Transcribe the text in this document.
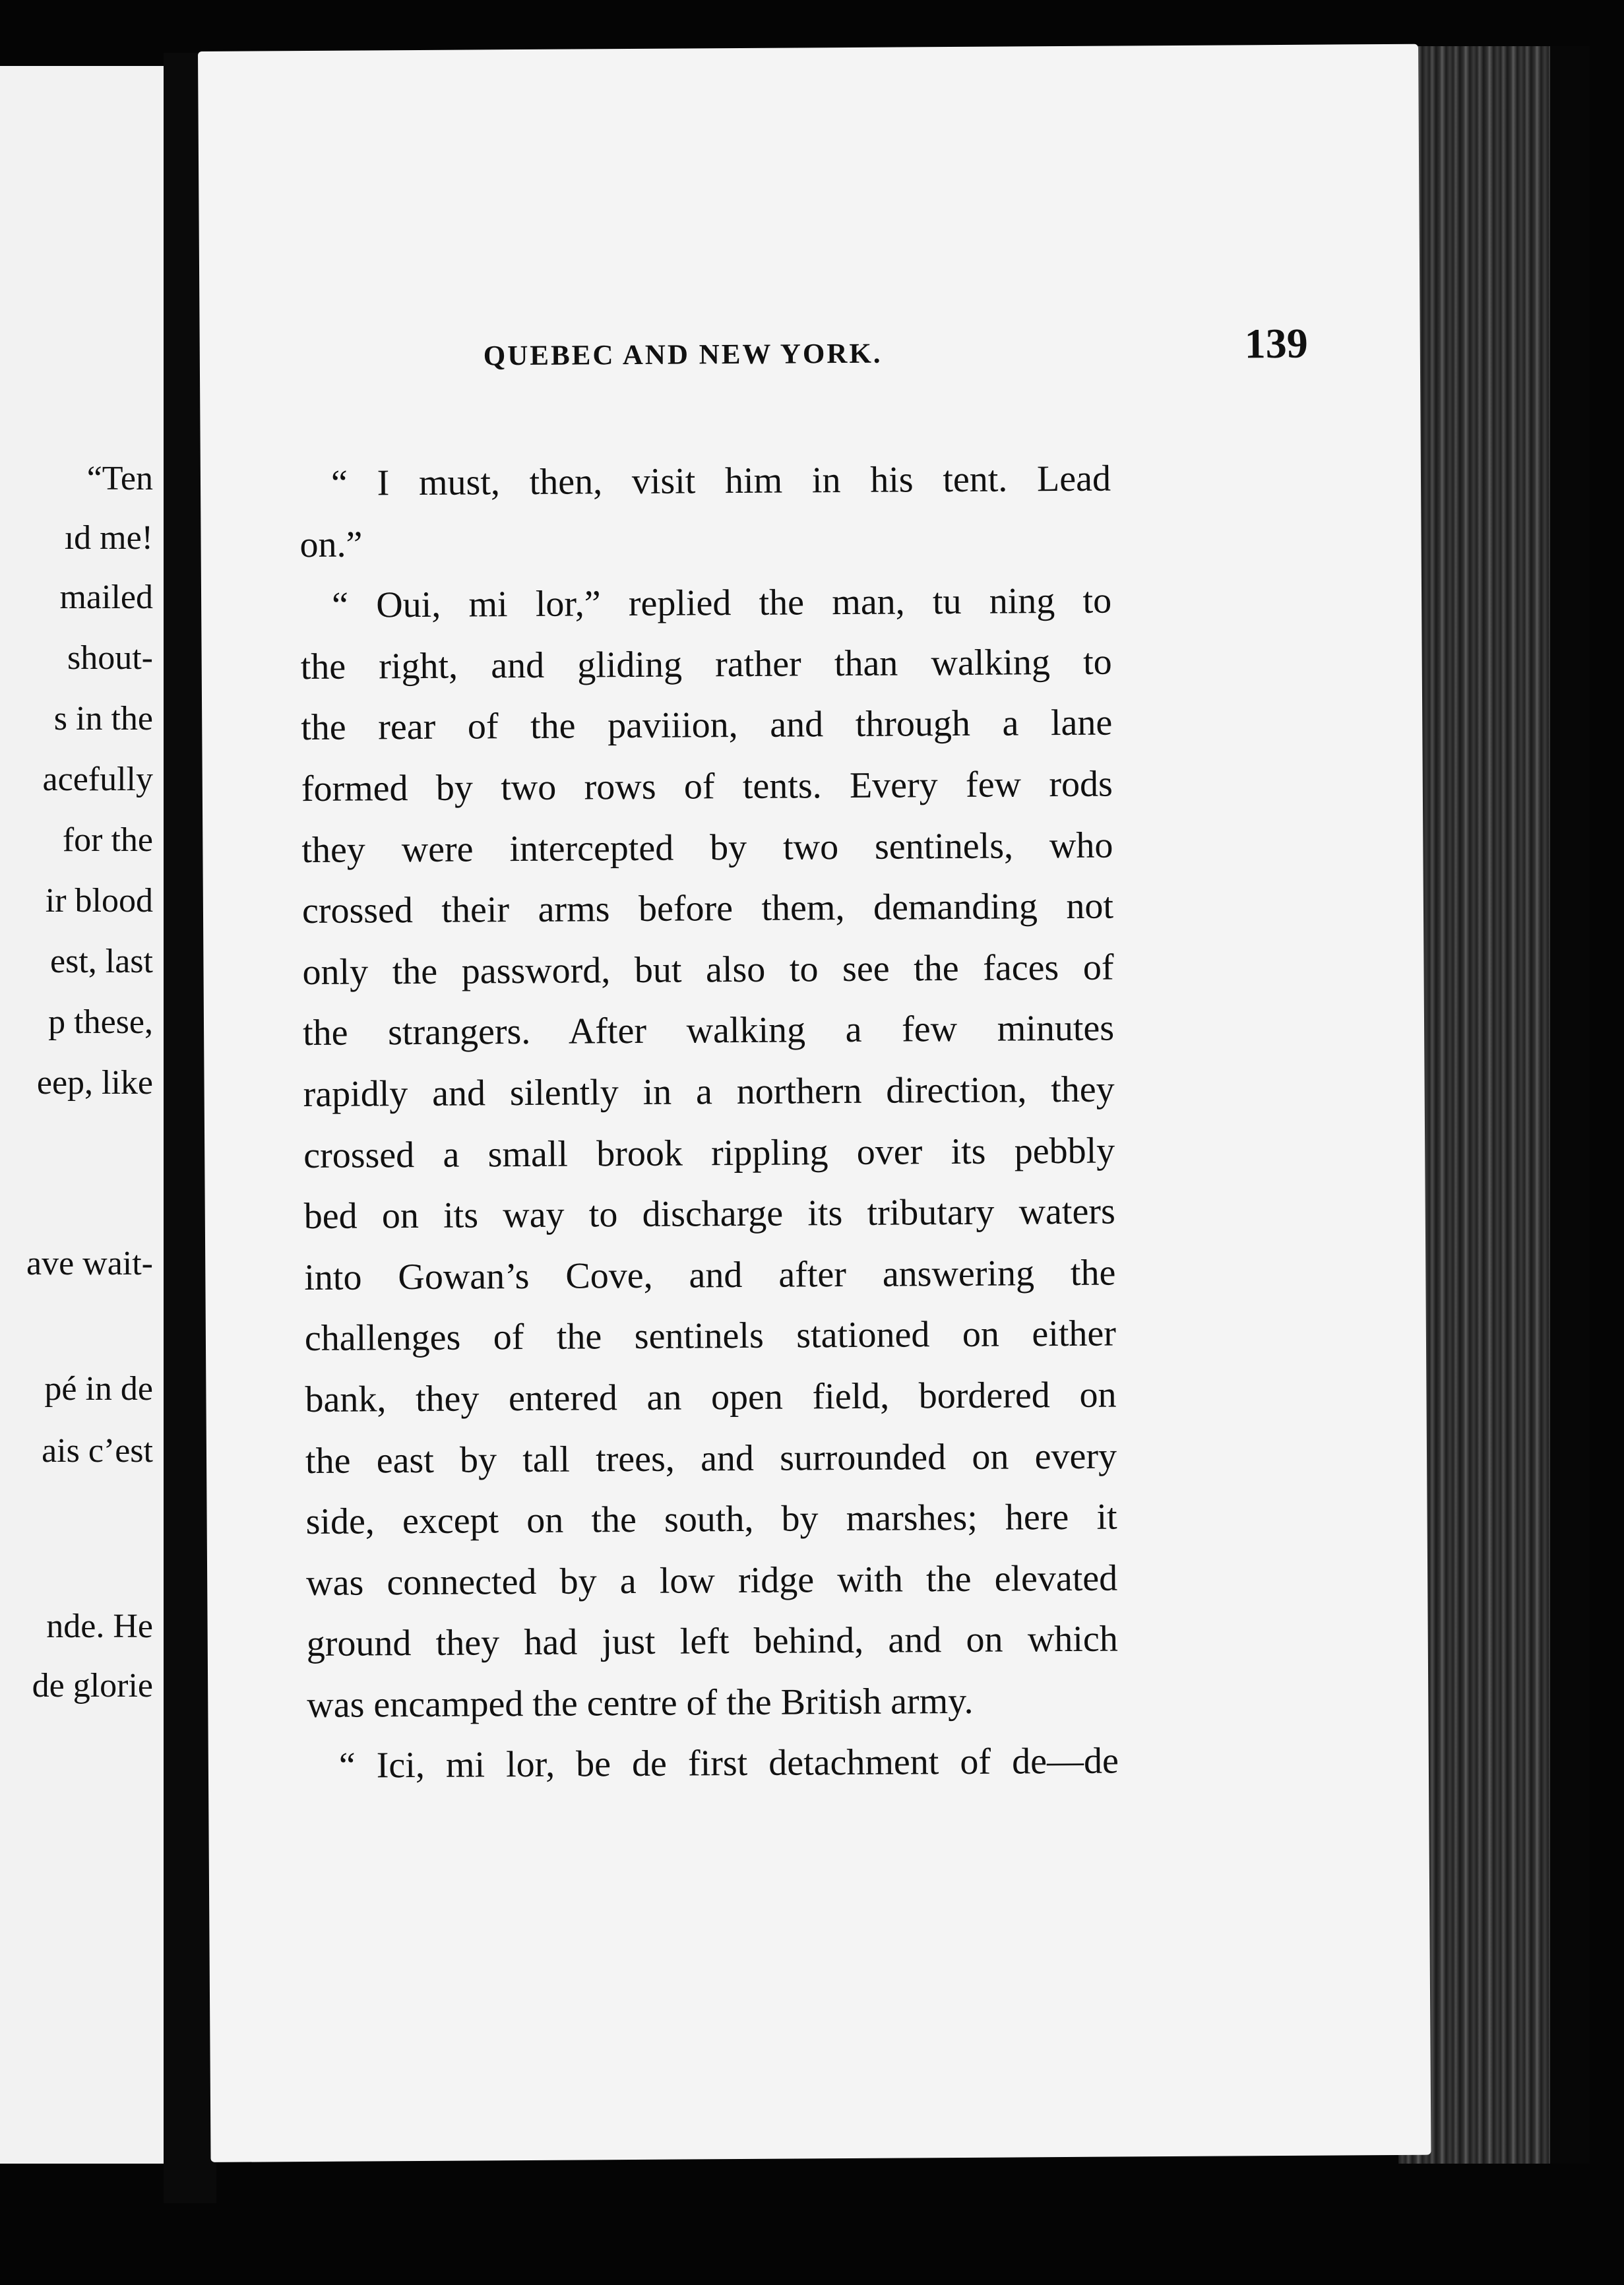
“Ten
ıd me!
mailed
shout-
s in the
acefully
for the
ir blood
est, last
p these,
eep, like
ave wait-
pé in de
ais c’est
nde. He
de glorie
QUEBEC AND NEW YORK.	139
“ I must, then, visit him in his tent. Lead
on.”
“ Oui, mi lor,” replied the man, tu ning to
the right, and gliding rather than walking to
the rear of the paviiion, and through a lane
formed by two rows of tents. Every few rods
they were intercepted by two sentinels, who
crossed their arms before them, demanding not
only the password, but also to see the faces of
the strangers. After walking a few minutes
rapidly and silently in a northern direction, they
crossed a small brook rippling over its pebbly
bed on its way to discharge its tributary waters
into Gowan’s Cove, and after answering the
challenges of the sentinels stationed on either
bank, they entered an open field, bordered on
the east by tall trees, and surrounded on every
side, except on the south, by marshes; here it
was connected by a low ridge with the elevated
ground they had just left behind, and on which
was encamped the centre of the British army.
“ Ici, mi lor, be de first detachment of de—de
